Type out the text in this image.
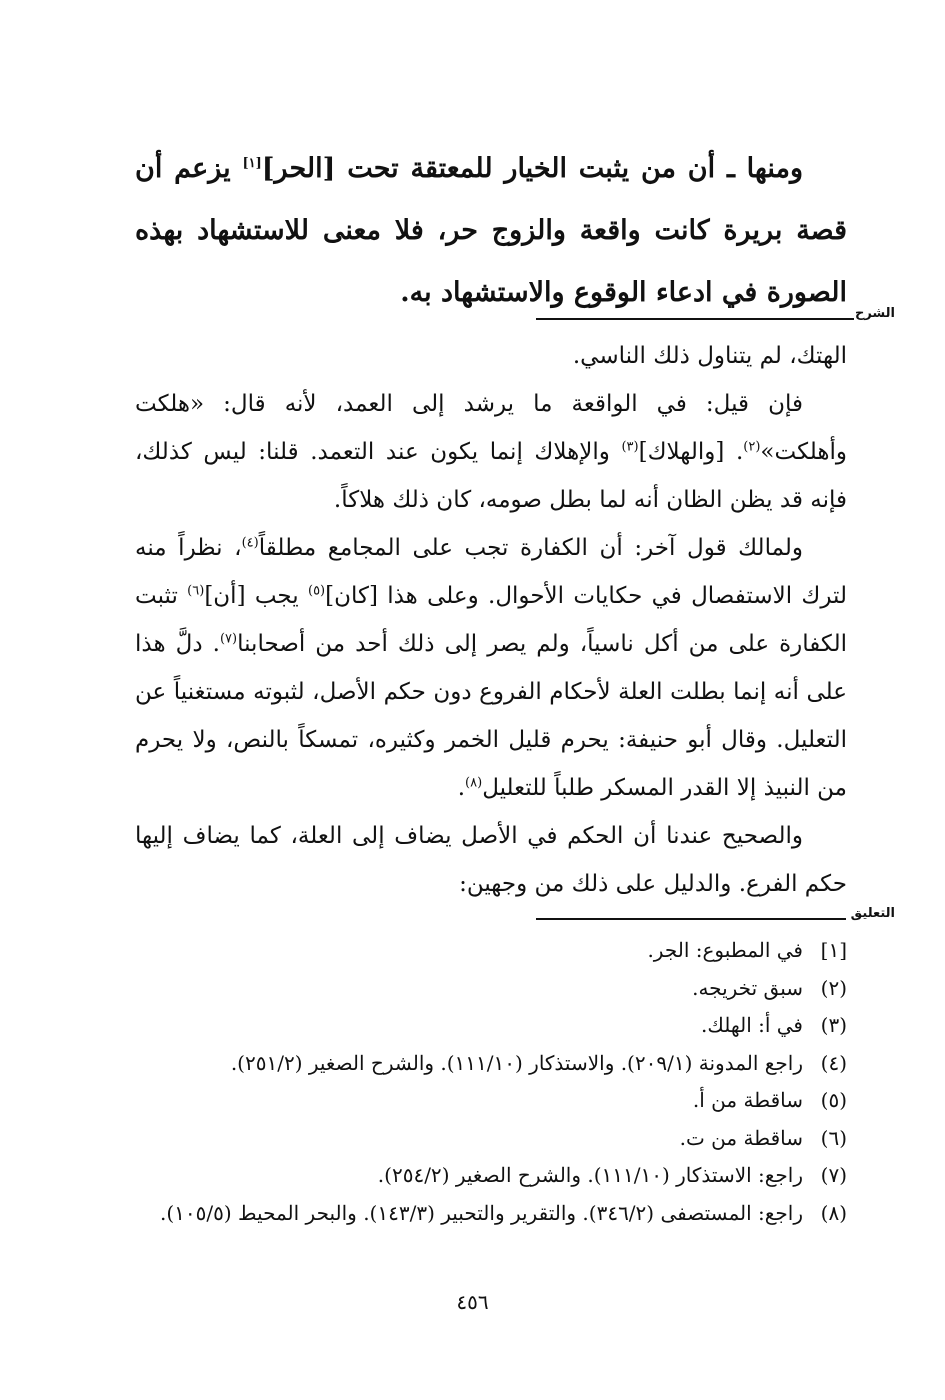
ومنها ـ أن من يثبت الخيار للمعتقة تحت [الحر][١] يزعم أن قصة بريرة كانت واقعة والزوج حر، فلا معنى للاستشهاد بهذه الصورة في ادعاء الوقوع والاستشهاد به.

الشرح

الهتك، لم يتناول ذلك الناسي.

فإن قيل: في الواقعة ما يرشد إلى العمد، لأنه قال: «هلكت وأهلكت»$^{(٢)}$. [والهلاك]$^{(٣)}$ والإهلاك إنما يكون عند التعمد. قلنا: ليس كذلك، فإنه قد يظن الظان أنه لما بطل صومه، كان ذلك هلاكاً.

ولمالك قول آخر: أن الكفارة تجب على المجامع مطلقاً$^{(٤)}$، نظراً منه لترك الاستفصال في حكايات الأحوال. وعلى هذا [كان]$^{(٥)}$ يجب [أن]$^{(٦)}$ تثبت الكفارة على من أكل ناسياً، ولم يصر إلى ذلك أحد من أصحابنا$^{(٧)}$. دلَّ هذا على أنه إنما بطلت العلة لأحكام الفروع دون حكم الأصل، لثبوته مستغنياً عن التعليل. وقال أبو حنيفة: يحرم قليل الخمر وكثيره، تمسكاً بالنص، ولا يحرم من النبيذ إلا القدر المسكر طلباً للتعليل$^{(٨)}$.

والصحيح عندنا أن الحكم في الأصل يضاف إلى العلة، كما يضاف إليها حكم الفرع. والدليل على ذلك من وجهين:

التعليق
[١]
في المطبوع: الجر.
(٢)
سبق تخريجه.
(٣)
في أ: الهلك.
(٤)
راجع المدونة (٢٠٩/١). والاستذكار (١١١/١٠). والشرح الصغير (٢٥١/٢).
(٥)
ساقطة من أ.
(٦)
ساقطة من ت.
(٧)
راجع: الاستذكار (١١١/١٠). والشرح الصغير (٢٥٤/٢).
(٨)
راجع: المستصفى (٣٤٦/٢). والتقرير والتحبير (١٤٣/٣). والبحر المحيط (١٠٥/٥).
٤٥٦
